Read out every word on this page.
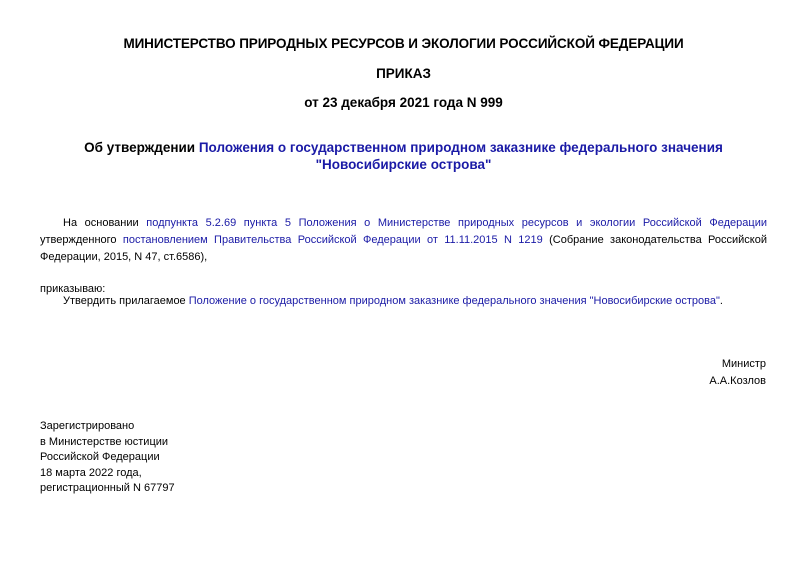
МИНИСТЕРСТВО ПРИРОДНЫХ РЕСУРСОВ И ЭКОЛОГИИ РОССИЙСКОЙ ФЕДЕРАЦИИ
ПРИКАЗ
от 23 декабря 2021 года N 999
Об утверждении Положения о государственном природном заказнике федерального значения
"Новосибирские острова"
На основании подпункта 5.2.69 пункта 5 Положения о Министерстве природных ресурсов и экологии Российской Федерации утвержденного постановлением Правительства Российской Федерации от 11.11.2015 N 1219 (Собрание законодательства Российской Федерации, 2015, N 47, ст.6586),
приказываю:
Утвердить прилагаемое Положение о государственном природном заказнике федерального значения "Новосибирские острова".
Министр
А.А.Козлов
Зарегистрировано
в Министерстве юстиции
Российской Федерации
18 марта 2022 года,
регистрационный N 67797
